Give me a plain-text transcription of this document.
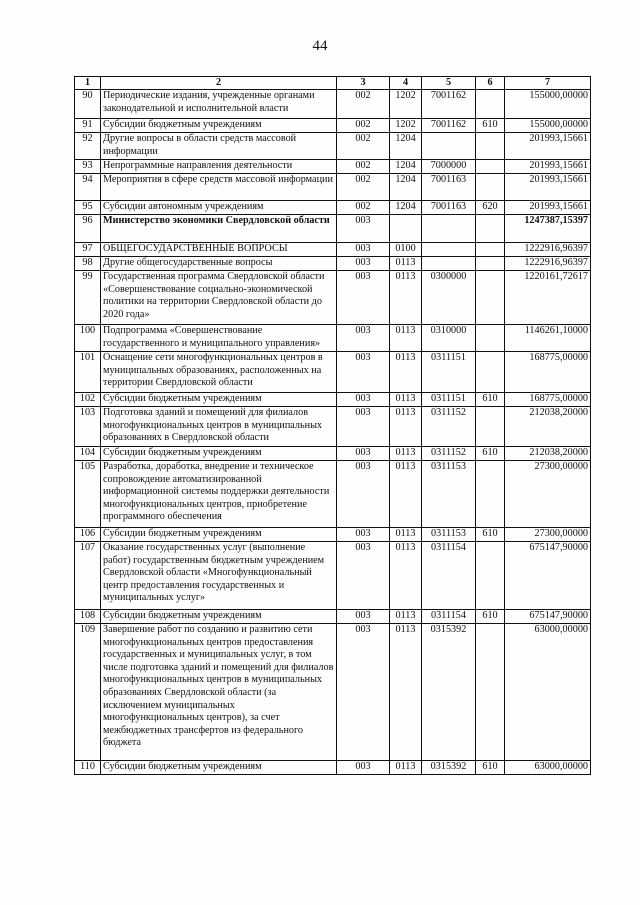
44
1	2	3	4	5	6	7
90	Периодические издания, учрежденные органами законодательной и исполнительной власти	002	1202	7001162		155000,00000
91	Субсидии бюджетным учреждениям	002	1202	7001162	610	155000,00000
92	Другие вопросы в области средств массовой информации	002	1204			201993,15661
93	Непрограммные направления деятельности	002	1204	7000000		201993,15661
94	Мероприятия в сфере средств массовой информации	002	1204	7001163		201993,15661
95	Субсидии автономным учреждениям	002	1204	7001163	620	201993,15661
96	Министерство экономики Свердловской области	003				1247387,15397
97	ОБЩЕГОСУДАРСТВЕННЫЕ ВОПРОСЫ	003	0100			1222916,96397
98	Другие общегосударственные вопросы	003	0113			1222916,96397
99	Государственная программа Свердловской области «Совершенствование социально-экономической политики на территории Свердловской области до 2020 года»	003	0113	0300000		1220161,72617
100	Подпрограмма «Совершенствование государственного и муниципального управления»	003	0113	0310000		1146261,10000
101	Оснащение сети многофункциональных центров в муниципальных образованиях, расположенных на территории Свердловской области	003	0113	0311151		168775,00000
102	Субсидии бюджетным учреждениям	003	0113	0311151	610	168775,00000
103	Подготовка зданий и помещений для филиалов многофункциональных центров в муниципальных образованиях в Свердловской области	003	0113	0311152		212038,20000
104	Субсидии бюджетным учреждениям	003	0113	0311152	610	212038,20000
105	Разработка, доработка, внедрение и техническое сопровождение автоматизированной информационной системы поддержки деятельности многофункциональных центров, приобретение программного обеспечения	003	0113	0311153		27300,00000
106	Субсидии бюджетным учреждениям	003	0113	0311153	610	27300,00000
107	Оказание государственных услуг (выполнение работ) государственным бюджетным учреждением Свердловской области «Многофункциональный центр предоставления государственных и муниципальных услуг»	003	0113	0311154		675147,90000
108	Субсидии бюджетным учреждениям	003	0113	0311154	610	675147,90000
109	Завершение работ по созданию и развитию сети многофункциональных центров предоставления государственных и муниципальных услуг, в том числе подготовка зданий и помещений для филиалов многофункциональных центров в муниципальных образованиях Свердловской области (за исключением муниципальных многофункциональных центров), за счет межбюджетных трансфертов из федерального бюджета	003	0113	0315392		63000,00000
110	Субсидии бюджетным учреждениям	003	0113	0315392	610	63000,00000
